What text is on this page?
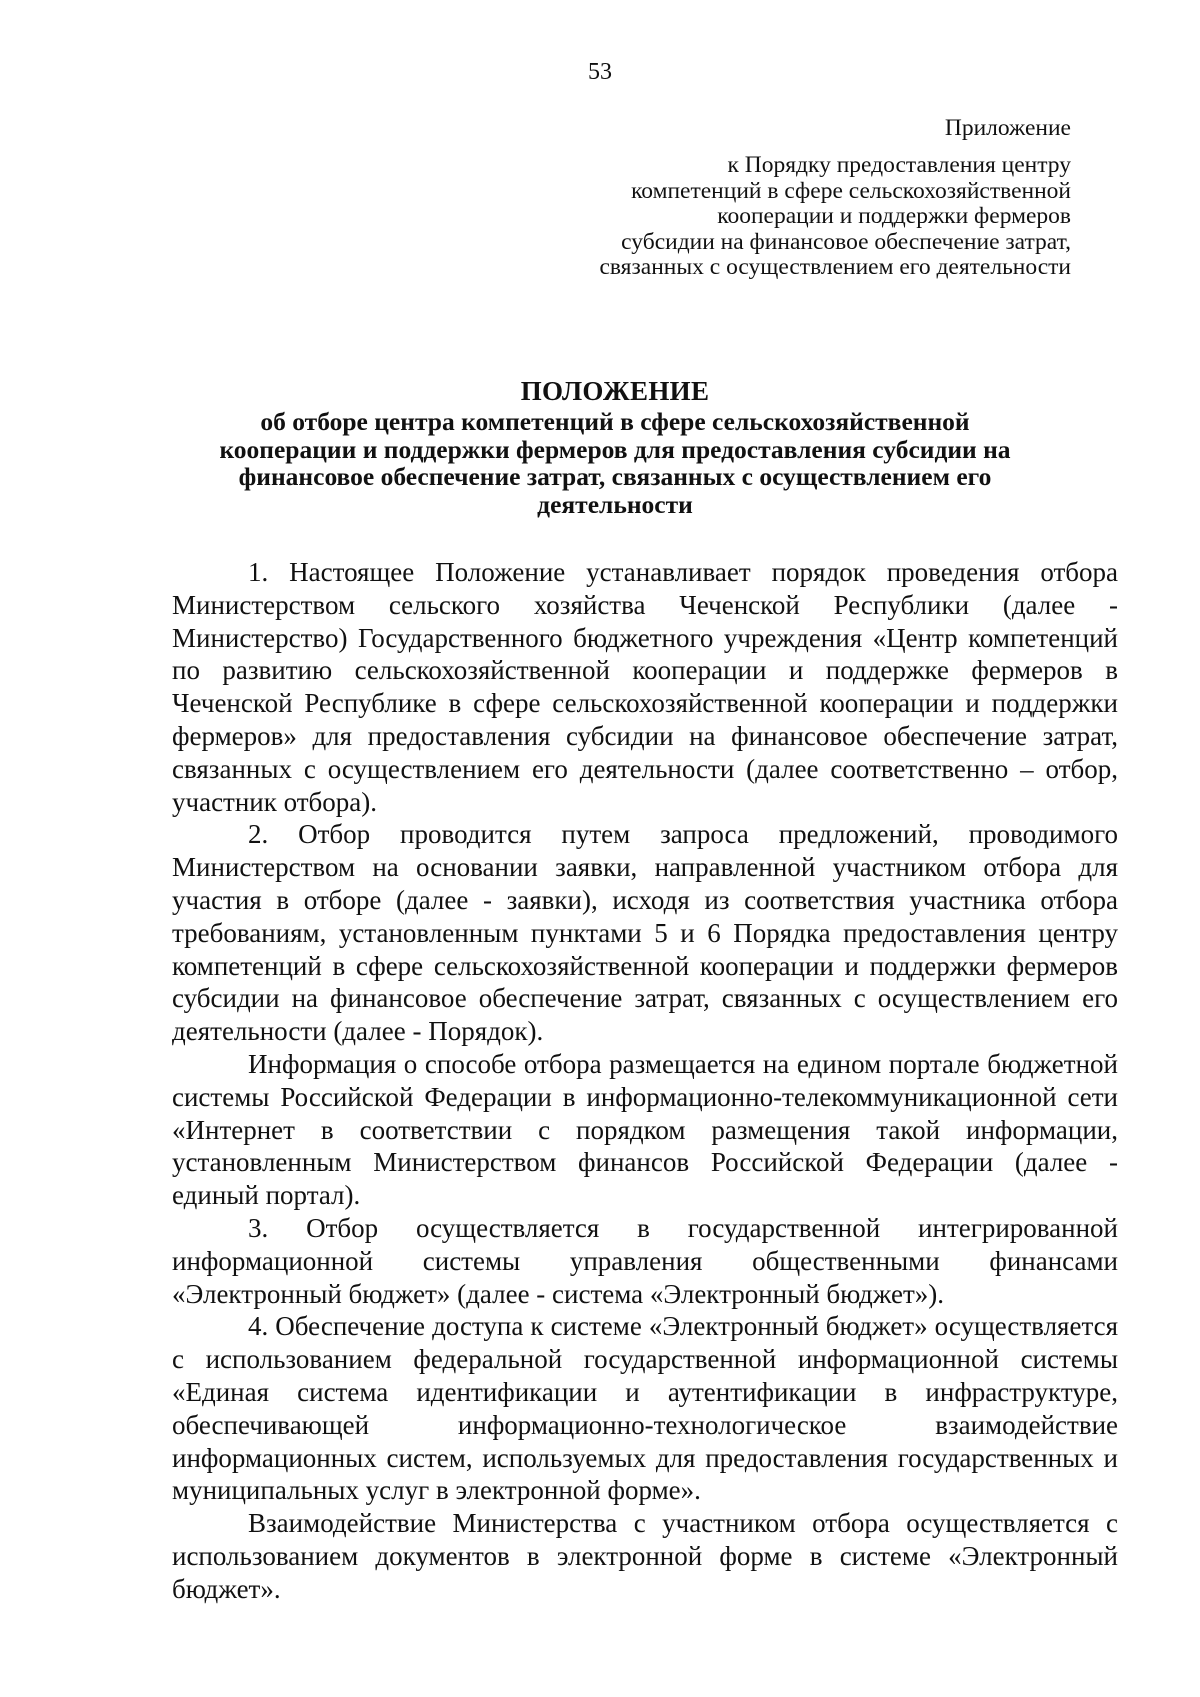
53
Приложение
к Порядку предоставления центру
компетенций в сфере сельскохозяйственной
кооперации и поддержки фермеров
субсидии на финансовое обеспечение затрат,
связанных с осуществлением его деятельности
ПОЛОЖЕНИЕ
об отборе центра компетенций в сфере сельскохозяйственной
кооперации и поддержки фермеров для предоставления субсидии на
финансовое обеспечение затрат, связанных с осуществлением его
деятельности

1. Настоящее Положение устанавливает порядок проведения отбора Министерством сельского хозяйства Чеченской Республики (далее - Министерство) Государственного бюджетного учреждения «Центр компетенций по развитию сельскохозяйственной кооперации и поддержке фермеров в Чеченской Республике в сфере сельскохозяйственной кооперации и поддержки фермеров» для предоставления субсидии на финансовое обеспечение затрат, связанных с осуществлением его деятельности (далее соответственно – отбор, участник отбора).

2. Отбор проводится путем запроса предложений, проводимого Министерством на основании заявки, направленной участником отбора для участия в отборе (далее - заявки), исходя из соответствия участника отбора требованиям, установленным пунктами 5 и 6 Порядка предоставления центру компетенций в сфере сельскохозяйственной кооперации и поддержки фермеров субсидии на финансовое обеспечение затрат, связанных с осуществлением его деятельности (далее - Порядок).

Информация о способе отбора размещается на едином портале бюджетной системы Российской Федерации в информационно-телекоммуникационной сети «Интернет в соответствии с порядком размещения такой информации, установленным Министерством финансов Российской Федерации (далее - единый портал).

3. Отбор осуществляется в государственной интегрированной информационной системы управления общественными финансами «Электронный бюджет» (далее - система «Электронный бюджет»).

4. Обеспечение доступа к системе «Электронный бюджет» осуществляется с использованием федеральной государственной информационной системы «Единая система идентификации и аутентификации в инфраструктуре, обеспечивающей информационно-технологическое взаимодействие информационных систем, используемых для предоставления государственных и муниципальных услуг в электронной форме».

Взаимодействие Министерства с участником отбора осуществляется с использованием документов в электронной форме в системе «Электронный бюджет».
